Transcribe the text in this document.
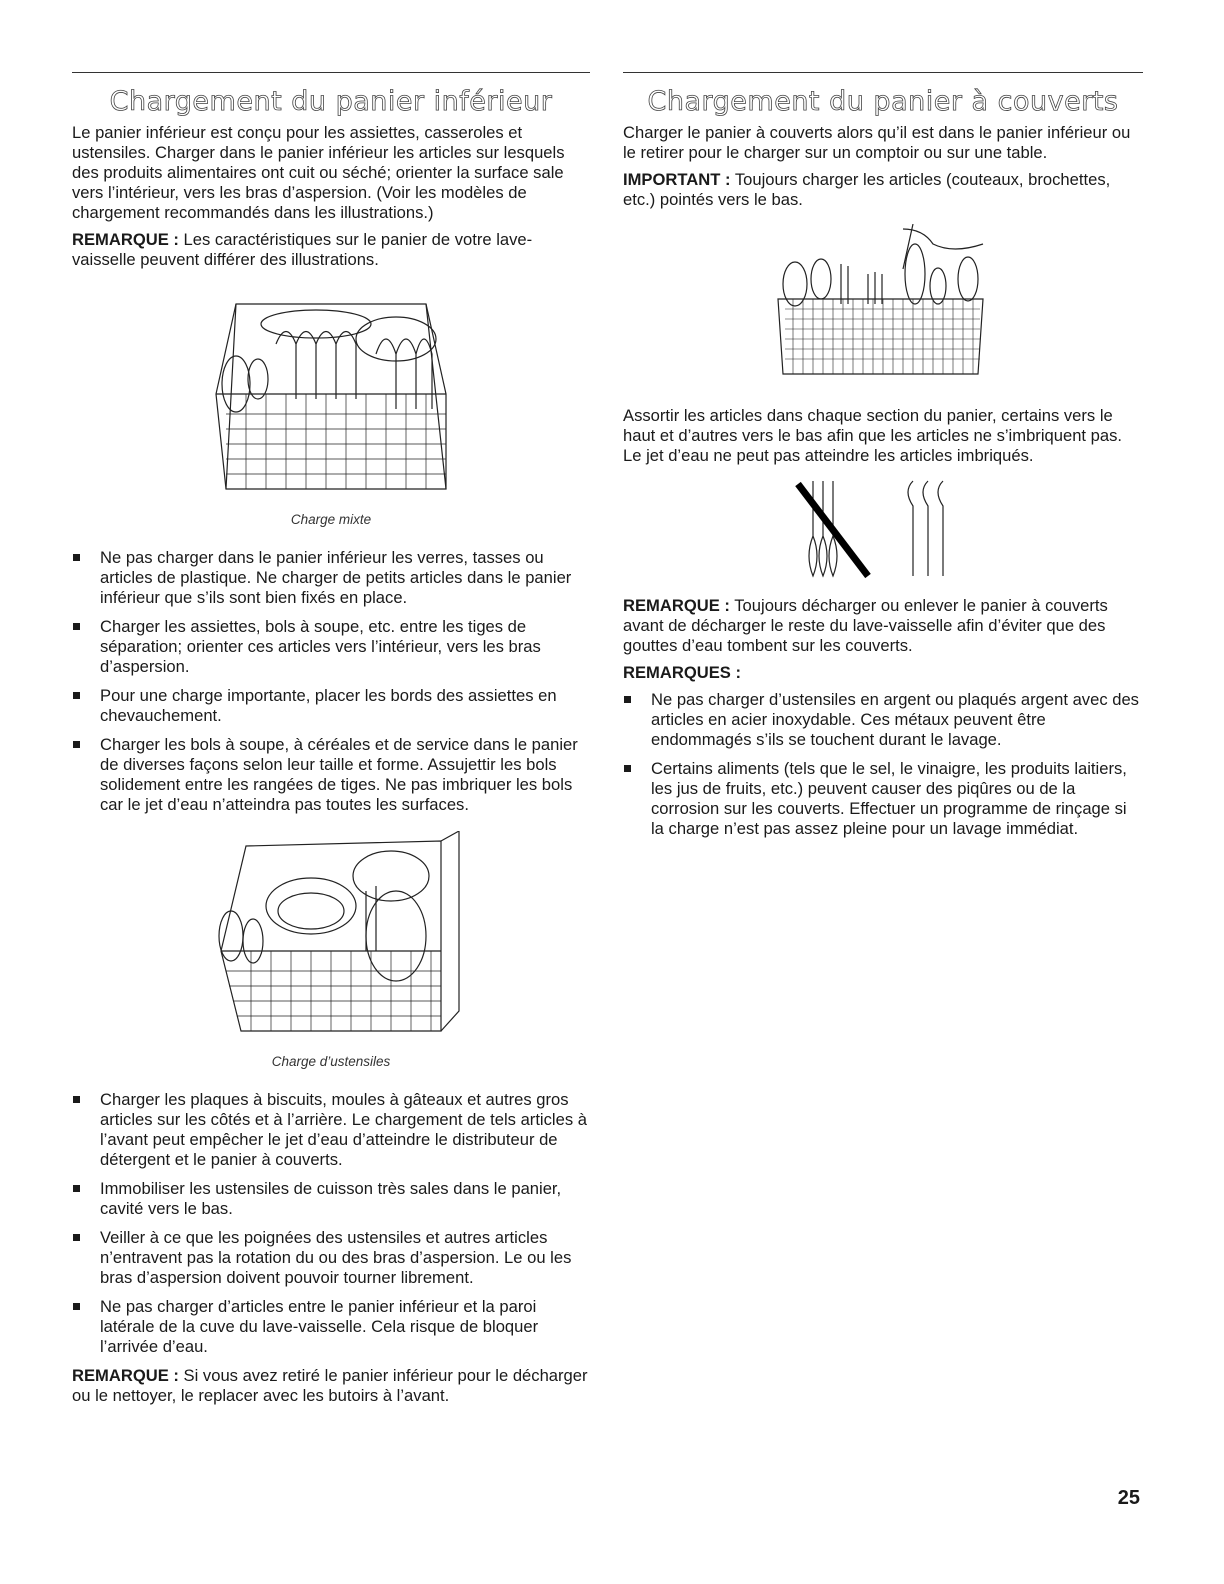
Chargement du panier inférieur

Le panier inférieur est conçu pour les assiettes, casseroles et ustensiles. Charger dans le panier inférieur les articles sur lesquels des produits alimentaires ont cuit ou séché; orienter la surface sale vers l’intérieur, vers les bras d’aspersion. (Voir les modèles de chargement recommandés dans les illustrations.)

REMARQUE : Les caractéristiques sur le panier de votre lave-vaisselle peuvent différer des illustrations.

Charge mixte
Ne pas charger dans le panier inférieur les verres, tasses ou articles de plastique. Ne charger de petits articles dans le panier inférieur que s’ils sont bien fixés en place.
Charger les assiettes, bols à soupe, etc. entre les tiges de séparation; orienter ces articles vers l’intérieur, vers les bras d’aspersion.
Pour une charge importante, placer les bords des assiettes en chevauchement.
Charger les bols à soupe, à céréales et de service dans le panier de diverses façons selon leur taille et forme. Assujettir les bols solidement entre les rangées de tiges. Ne pas imbriquer les bols car le jet d’eau n’atteindra pas toutes les surfaces.
Charge d’ustensiles
Charger les plaques à biscuits, moules à gâteaux et autres gros articles sur les côtés et à l’arrière. Le chargement de tels articles à l’avant peut empêcher le jet d’eau d’atteindre le distributeur de détergent et le panier à couverts.
Immobiliser les ustensiles de cuisson très sales dans le panier, cavité vers le bas.
Veiller à ce que les poignées des ustensiles et autres articles n’entravent pas la rotation du ou des bras d’aspersion. Le ou les bras d’aspersion doivent pouvoir tourner librement.
Ne pas charger d’articles entre le panier inférieur et la paroi latérale de la cuve du lave-vaisselle. Cela risque de bloquer l’arrivée d’eau.

REMARQUE : Si vous avez retiré le panier inférieur pour le décharger ou le nettoyer, le replacer avec les butoirs à l’avant.

Chargement du panier à couverts

Charger le panier à couverts alors qu’il est dans le panier inférieur ou le retirer pour le charger sur un comptoir ou sur une table.

IMPORTANT : Toujours charger les articles (couteaux, brochettes, etc.) pointés vers le bas.

Assortir les articles dans chaque section du panier, certains vers le haut et d’autres vers le bas afin que les articles ne s’imbriquent pas. Le jet d’eau ne peut pas atteindre les articles imbriqués.

REMARQUE : Toujours décharger ou enlever le panier à couverts avant de décharger le reste du lave-vaisselle afin d’éviter que des gouttes d’eau tombent sur les couverts.

REMARQUES :

Ne pas charger d’ustensiles en argent ou plaqués argent avec des articles en acier inoxydable. Ces métaux peuvent être endommagés s’ils se touchent durant le lavage.
Certains aliments (tels que le sel, le vinaigre, les produits laitiers, les jus de fruits, etc.) peuvent causer des piqûres ou de la corrosion sur les couverts. Effectuer un programme de rinçage si la charge n’est pas assez pleine pour un lavage immédiat.
25
